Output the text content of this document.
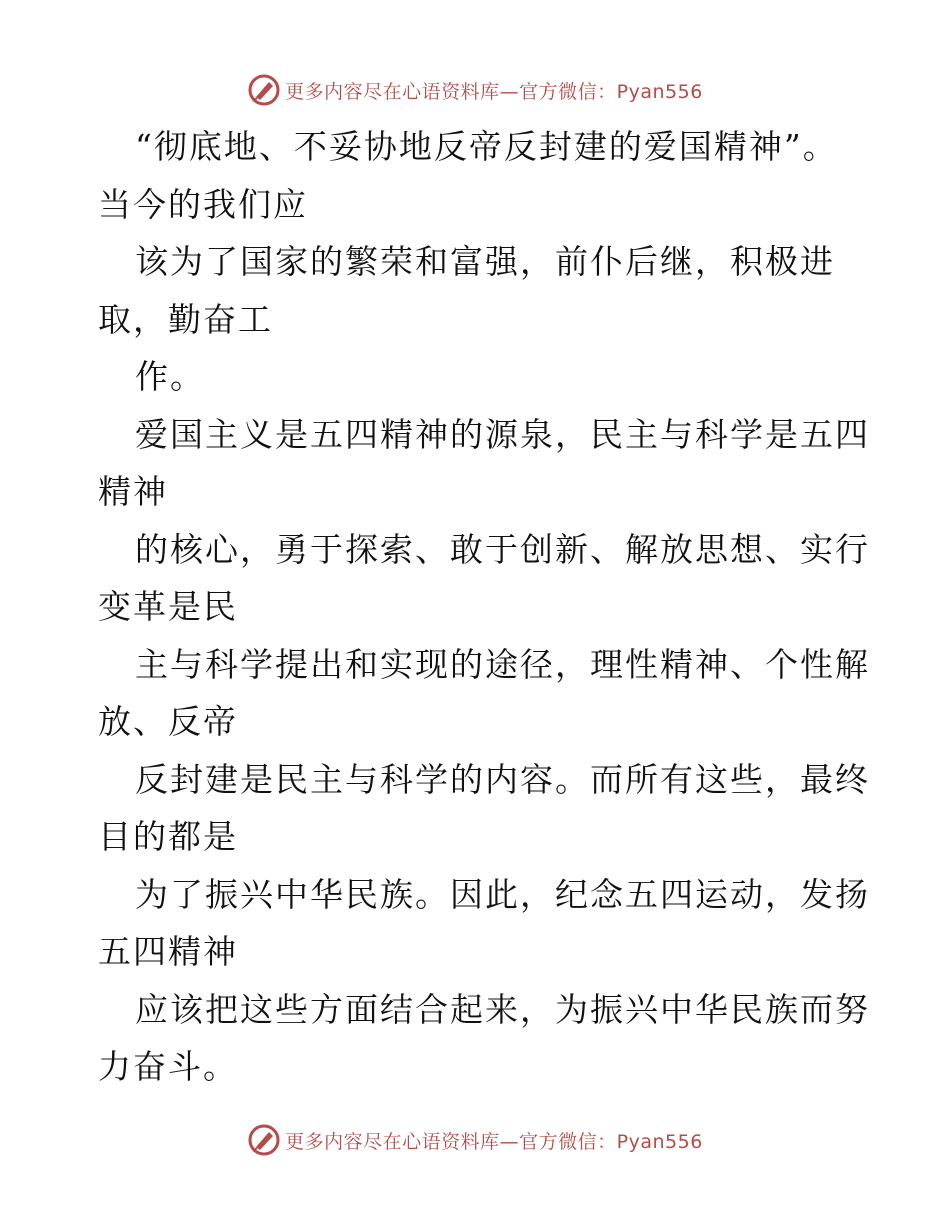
更多内容尽在心语资料库—官方微信：Pyan556
“彻底地、不妥协地反帝反封建的爱国精神”。
当今的我们应
该为了国家的繁荣和富强，前仆后继，积极进
取，勤奋工
作。
爱国主义是五四精神的源泉，民主与科学是五四
精神
的核心，勇于探索、敢于创新、解放思想、实行
变革是民
主与科学提出和实现的途径，理性精神、个性解
放、反帝
反封建是民主与科学的内容。而所有这些，最终
目的都是
为了振兴中华民族。因此，纪念五四运动，发扬
五四精神
应该把这些方面结合起来，为振兴中华民族而努
力奋斗。
更多内容尽在心语资料库—官方微信：Pyan556
